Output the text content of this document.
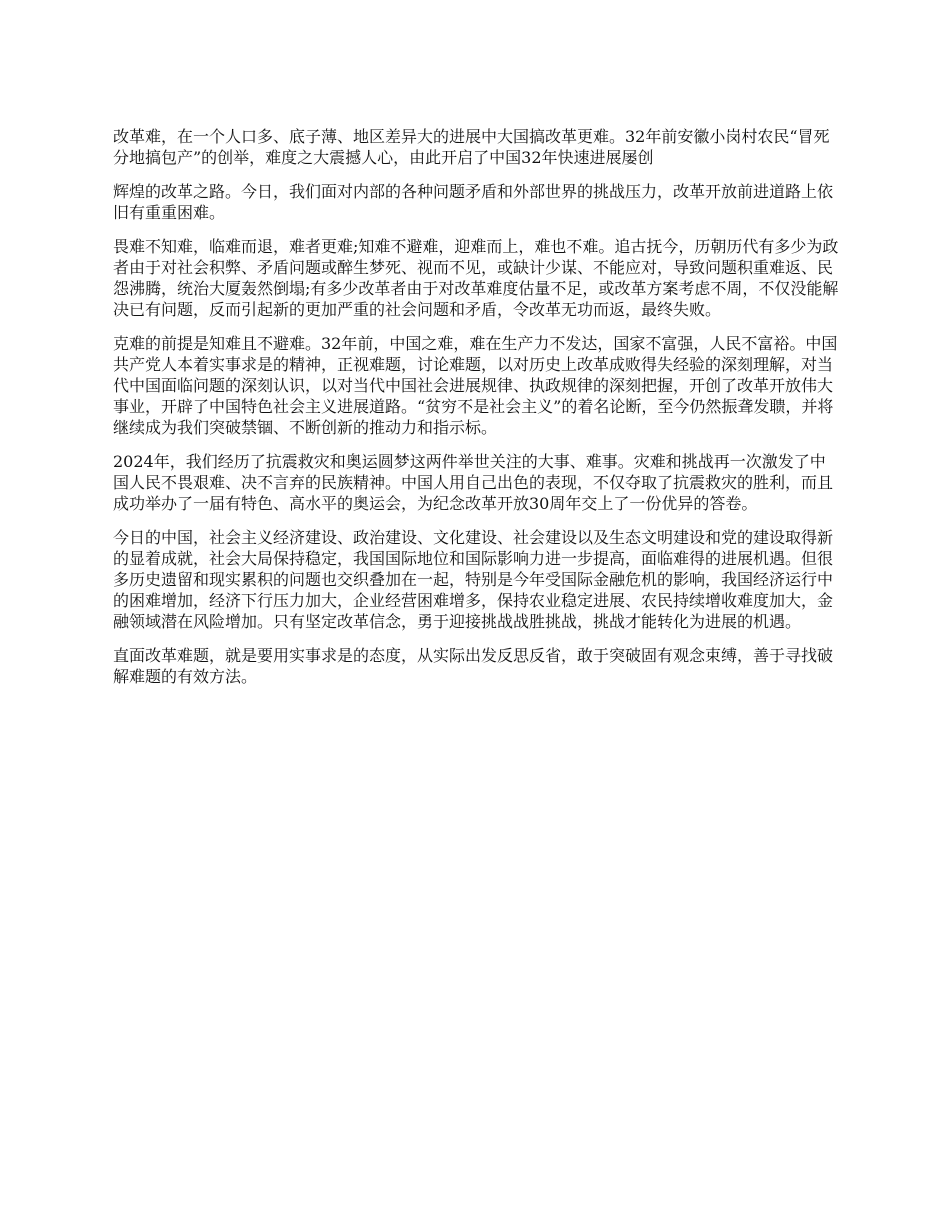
改革难，在一个人口多、底子薄、地区差异大的进展中大国搞改革更难。32年前安徽小岗村农民“冒死分地搞包产”的创举，难度之大震撼人心，由此开启了中国32年快速进展屡创

辉煌的改革之路。今日，我们面对内部的各种问题矛盾和外部世界的挑战压力，改革开放前进道路上依旧有重重困难。

畏难不知难，临难而退，难者更难;知难不避难，迎难而上，难也不难。追古抚今，历朝历代有多少为政者由于对社会积弊、矛盾问题或醉生梦死、视而不见，或缺计少谋、不能应对，导致问题积重难返、民怨沸腾，统治大厦轰然倒塌;有多少改革者由于对改革难度估量不足，或改革方案考虑不周，不仅没能解决已有问题，反而引起新的更加严重的社会问题和矛盾，令改革无功而返，最终失败。

克难的前提是知难且不避难。32年前，中国之难，难在生产力不发达，国家不富强，人民不富裕。中国共产党人本着实事求是的精神，正视难题，讨论难题，以对历史上改革成败得失经验的深刻理解，对当代中国面临问题的深刻认识，以对当代中国社会进展规律、执政规律的深刻把握，开创了改革开放伟大事业，开辟了中国特色社会主义进展道路。“贫穷不是社会主义”的着名论断，至今仍然振聋发聩，并将继续成为我们突破禁锢、不断创新的推动力和指示标。

2024年，我们经历了抗震救灾和奥运圆梦这两件举世关注的大事、难事。灾难和挑战再一次激发了中国人民不畏艰难、决不言弃的民族精神。中国人用自己出色的表现，不仅夺取了抗震救灾的胜利，而且成功举办了一届有特色、高水平的奥运会，为纪念改革开放30周年交上了一份优异的答卷。

今日的中国，社会主义经济建设、政治建设、文化建设、社会建设以及生态文明建设和党的建设取得新的显着成就，社会大局保持稳定，我国国际地位和国际影响力进一步提高，面临难得的进展机遇。但很多历史遗留和现实累积的问题也交织叠加在一起，特别是今年受国际金融危机的影响，我国经济运行中的困难增加，经济下行压力加大，企业经营困难增多，保持农业稳定进展、农民持续增收难度加大，金融领域潜在风险增加。只有坚定改革信念，勇于迎接挑战战胜挑战，挑战才能转化为进展的机遇。

直面改革难题，就是要用实事求是的态度，从实际出发反思反省，敢于突破固有观念束缚，善于寻找破解难题的有效方法。
